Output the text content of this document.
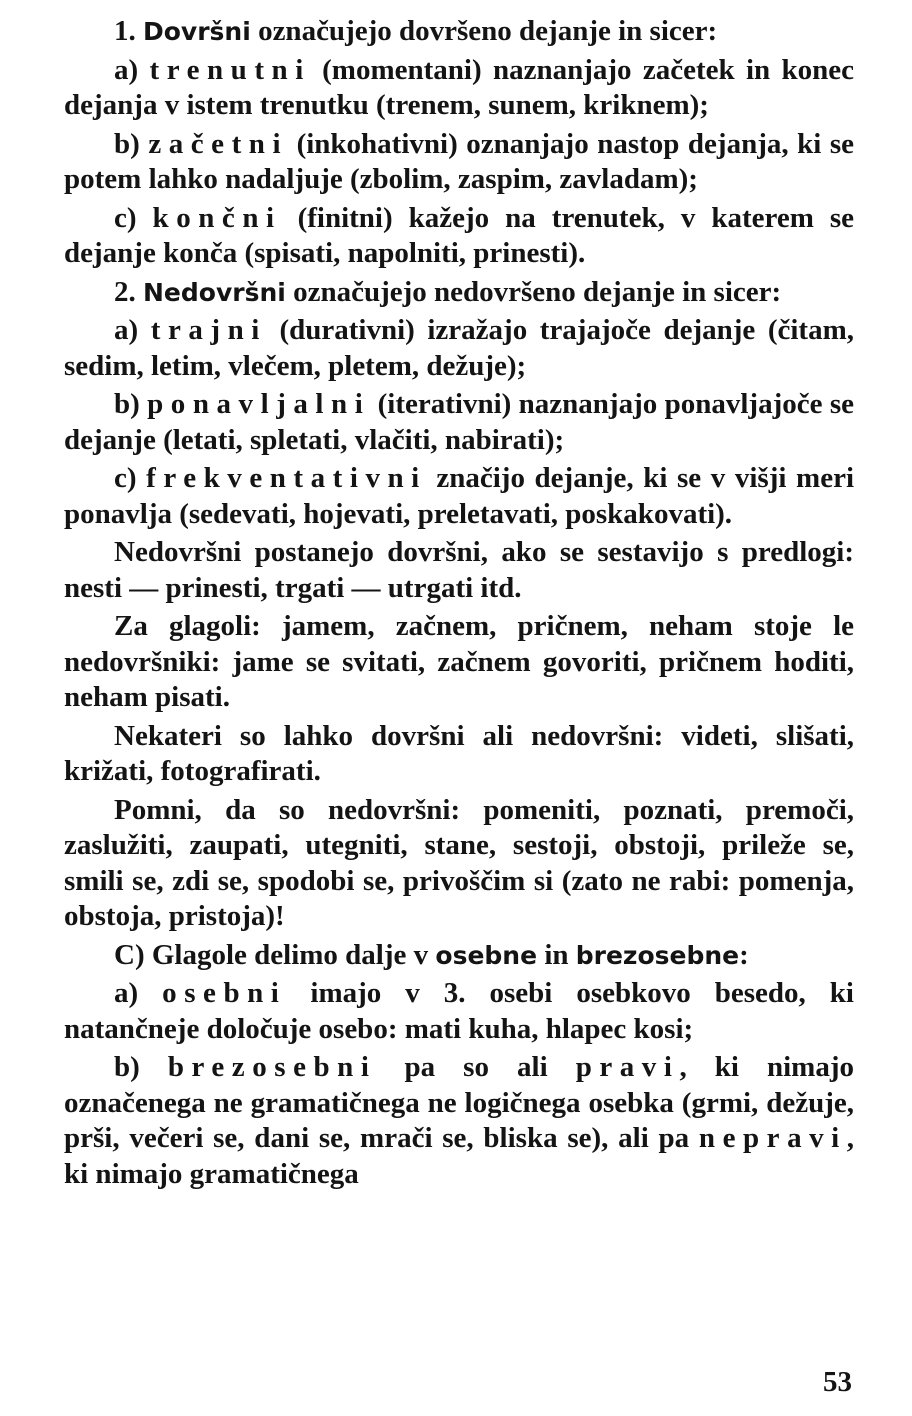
1. Dovršni označujejo dovršeno dejanje in sicer:

a) trenutni (momentani) naznanjajo začetek in konec dejanja v istem trenutku (trenem, sunem, kriknem);

b) začetni (inkohativni) oznanjajo nastop dejanja, ki se potem lahko nadaljuje (zbolim, zaspim, zavladam);

c) končni (finitni) kažejo na trenutek, v katerem se dejanje konča (spisati, napolniti, prinesti).

2. Nedovršni označujejo nedovršeno dejanje in sicer:

a) trajni (durativni) izražajo trajajoče dejanje (čitam, sedim, letim, vlečem, pletem, dežuje);

b) ponavljalni (iterativni) naznanjajo ponavljajoče se dejanje (letati, spletati, vlačiti, nabirati);

c) frekventativni značijo dejanje, ki se v višji meri ponavlja (sedevati, hojevati, preletavati, poskakovati).

Nedovršni postanejo dovršni, ako se sestavijo s predlogi: nesti — prinesti, trgati — utrgati itd.

Za glagoli: jamem, začnem, pričnem, neham stoje le nedovršniki: jame se svitati, začnem govoriti, pričnem hoditi, neham pisati.

Nekateri so lahko dovršni ali nedovršni: videti, slišati, križati, fotografirati.

Pomni, da so nedovršni: pomeniti, poznati, premoči, zaslužiti, zaupati, utegniti, stane, sestoji, obstoji, prileže se, smili se, zdi se, spodobi se, privoščim si (zato ne rabi: pomenja, obstoja, pristoja)!

C) Glagole delimo dalje v osebne in brezosebne:

a) osebni imajo v 3. osebi osebkovo besedo, ki natančneje določuje osebo: mati kuha, hlapec kosi;

b) brezosebni pa so ali pravi, ki nimajo označenega ne gramatičnega ne logičnega osebka (grmi, dežuje, prši, večeri se, dani se, mrači se, bliska se), ali pa nepravi, ki nimajo gramatičnega

53
